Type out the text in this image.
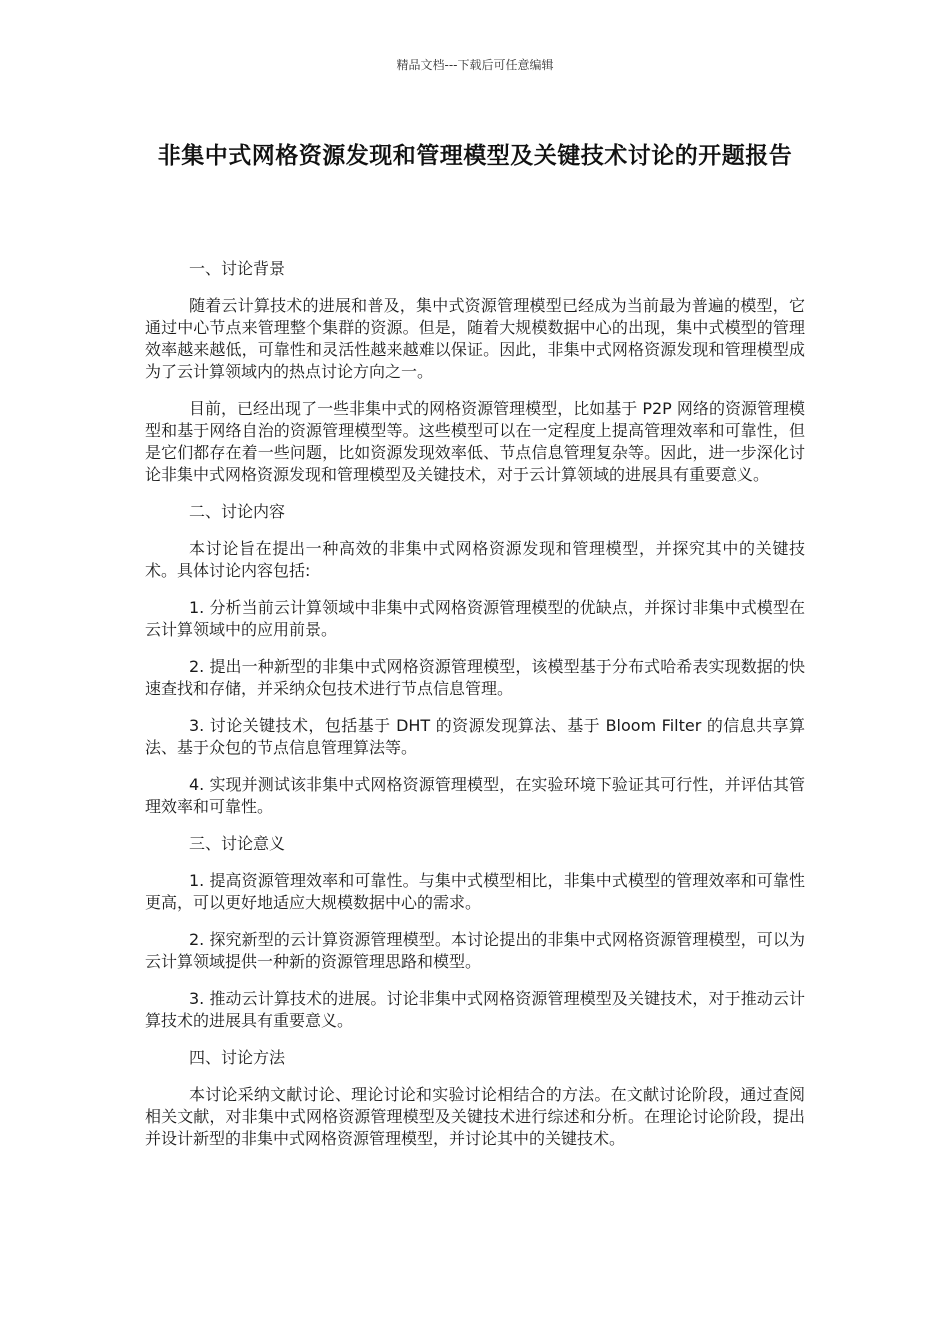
精品文档---下载后可任意编辑
非集中式网格资源发现和管理模型及关键技术讨论的开题报告

一、讨论背景

随着云计算技术的进展和普及，集中式资源管理模型已经成为当前最为普遍的模型，它通过中心节点来管理整个集群的资源。但是，随着大规模数据中心的出现，集中式模型的管理效率越来越低，可靠性和灵活性越来越难以保证。因此，非集中式网格资源发现和管理模型成为了云计算领域内的热点讨论方向之一。

目前，已经出现了一些非集中式的网格资源管理模型，比如基于 P2P 网络的资源管理模型和基于网络自治的资源管理模型等。这些模型可以在一定程度上提高管理效率和可靠性，但是它们都存在着一些问题，比如资源发现效率低、节点信息管理复杂等。因此，进一步深化讨论非集中式网格资源发现和管理模型及关键技术，对于云计算领域的进展具有重要意义。

二、讨论内容

本讨论旨在提出一种高效的非集中式网格资源发现和管理模型，并探究其中的关键技术。具体讨论内容包括:

1. 分析当前云计算领域中非集中式网格资源管理模型的优缺点，并探讨非集中式模型在云计算领域中的应用前景。

2. 提出一种新型的非集中式网格资源管理模型，该模型基于分布式哈希表实现数据的快速查找和存储，并采纳众包技术进行节点信息管理。

3. 讨论关键技术，包括基于 DHT 的资源发现算法、基于 Bloom Filter 的信息共享算法、基于众包的节点信息管理算法等。

4. 实现并测试该非集中式网格资源管理模型，在实验环境下验证其可行性，并评估其管理效率和可靠性。

三、讨论意义

1. 提高资源管理效率和可靠性。与集中式模型相比，非集中式模型的管理效率和可靠性更高，可以更好地适应大规模数据中心的需求。

2. 探究新型的云计算资源管理模型。本讨论提出的非集中式网格资源管理模型，可以为云计算领域提供一种新的资源管理思路和模型。

3. 推动云计算技术的进展。讨论非集中式网格资源管理模型及关键技术，对于推动云计算技术的进展具有重要意义。

四、讨论方法

本讨论采纳文献讨论、理论讨论和实验讨论相结合的方法。在文献讨论阶段，通过查阅相关文献，对非集中式网格资源管理模型及关键技术进行综述和分析。在理论讨论阶段，提出并设计新型的非集中式网格资源管理模型，并讨论其中的关键技术。
